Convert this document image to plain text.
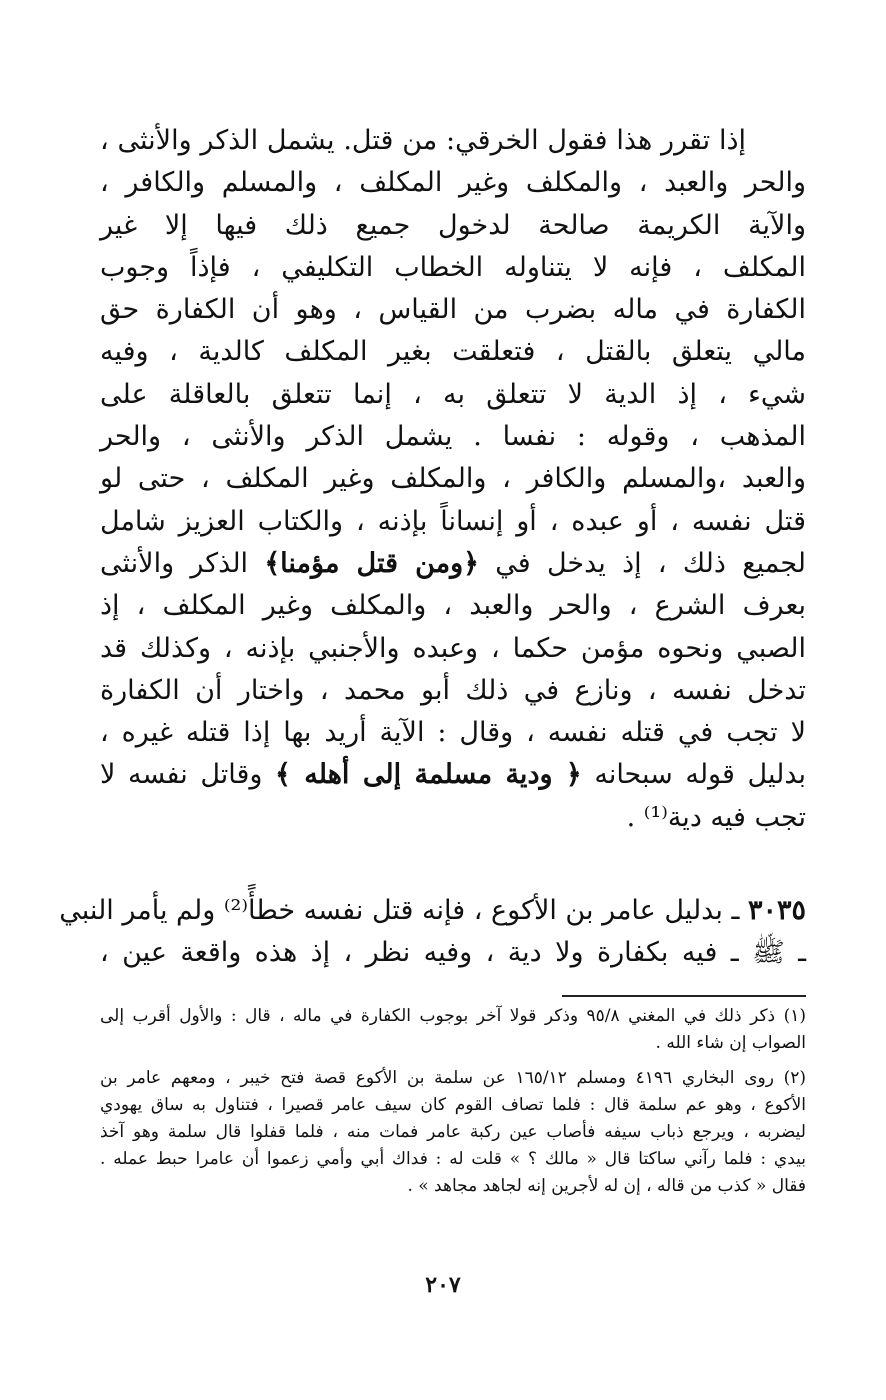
إذا تقرر هذا فقول الخرقي: من قتل. يشمل الذكر والأنثى ،
والحر والعبد ، والمكلف وغير المكلف ، والمسلم والكافر ،
والآية الكريمة صالحة لدخول جميع ذلك فيها إلا غير
المكلف ، فإنه لا يتناوله الخطاب التكليفي ، فإذاً وجوب
الكفارة في ماله بضرب من القياس ، وهو أن الكفارة حق
مالي يتعلق بالقتل ، فتعلقت بغير المكلف كالدية ، وفيه
شيء ، إذ الدية لا تتعلق به ، إنما تتعلق بالعاقلة على
المذهب ، وقوله : نفسا . يشمل الذكر والأنثى ، والحر
والعبد ،والمسلم والكافر ، والمكلف وغير المكلف ، حتى لو
قتل نفسه ، أو عبده ، أو إنساناً بإذنه ، والكتاب العزيز شامل
لجميع ذلك ، إذ يدخل في ﴿ومن قتل مؤمنا﴾ الذكر والأنثى
بعرف الشرع ، والحر والعبد ، والمكلف وغير المكلف ، إذ
الصبي ونحوه مؤمن حكما ، وعبده والأجنبي بإذنه ، وكذلك قد
تدخل نفسه ، ونازع في ذلك أبو محمد ، واختار أن الكفارة
لا تجب في قتله نفسه ، وقال : الآية أريد بها إذا قتله غيره ،
بدليل قوله سبحانه ﴿ ودية مسلمة إلى أهله ﴾ وقاتل نفسه لا
تجب فيه دية⁽¹⁾ .
٣٠٣٥ ـ بدليل عامر بن الأكوع ، فإنه قتل نفسه خطأً⁽²⁾ ولم يأمر النبي
ـ ﷺ ـ فيه بكفارة ولا دية ، وفيه نظر ، إذ هذه واقعة عين ،
(١) ذكر ذلك في المغني ٩٥/٨ وذكر قولا آخر بوجوب الكفارة في ماله ، قال : والأول أقرب إلى
الصواب إن شاء الله .
(٢) روى البخاري ٤١٩٦ ومسلم ١٦٥/١٢ عن سلمة بن الأكوع قصة فتح خيبر ، ومعهم عامر بن
الأكوع ، وهو عم سلمة قال : فلما تصاف القوم كان سيف عامر قصيرا ، فتناول به ساق يهودي
ليضربه ، ويرجع ذباب سيفه فأصاب عين ركبة عامر فمات منه ، فلما قفلوا قال سلمة وهو آخذ
بيدي : فلما رآني ساكتا قال « مالك ؟ » قلت له : فداك أبي وأمي زعموا أن عامرا حبط عمله .
فقال « كذب من قاله ، إن له لأجرين إنه لجاهد مجاهد » .
٢٠٧
